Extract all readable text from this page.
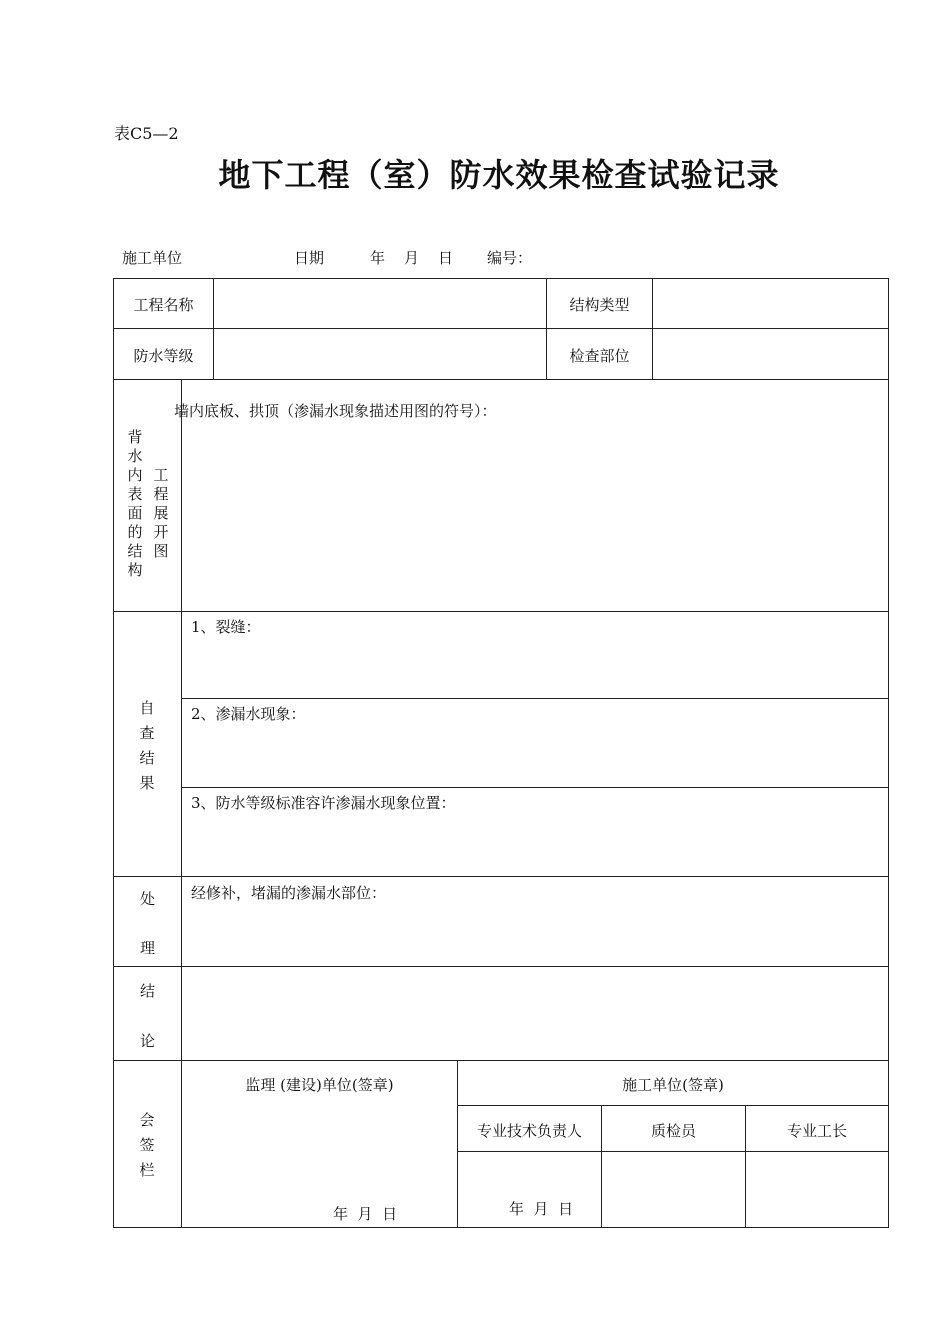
表C5—2
地下工程（室）防水效果检查试验记录
施工单位	日期	年 月 日 编号：
工程名称	结构类型
防水等级	检查部位
背水内表面的结构
工程展开图
墙内底板、拱顶（渗漏水现象描述用图的符号）：
自查结果
1、裂缝：
2、渗漏水现象：
3、防水等级标准容许渗漏水现象位置：
处
理
经修补，堵漏的渗漏水部位：
结
论
会签栏
监理 (建设)单位(签章)	施工单位(签章)
专业技术负责人	质检员	专业工长
年  月  日	年  月  日
